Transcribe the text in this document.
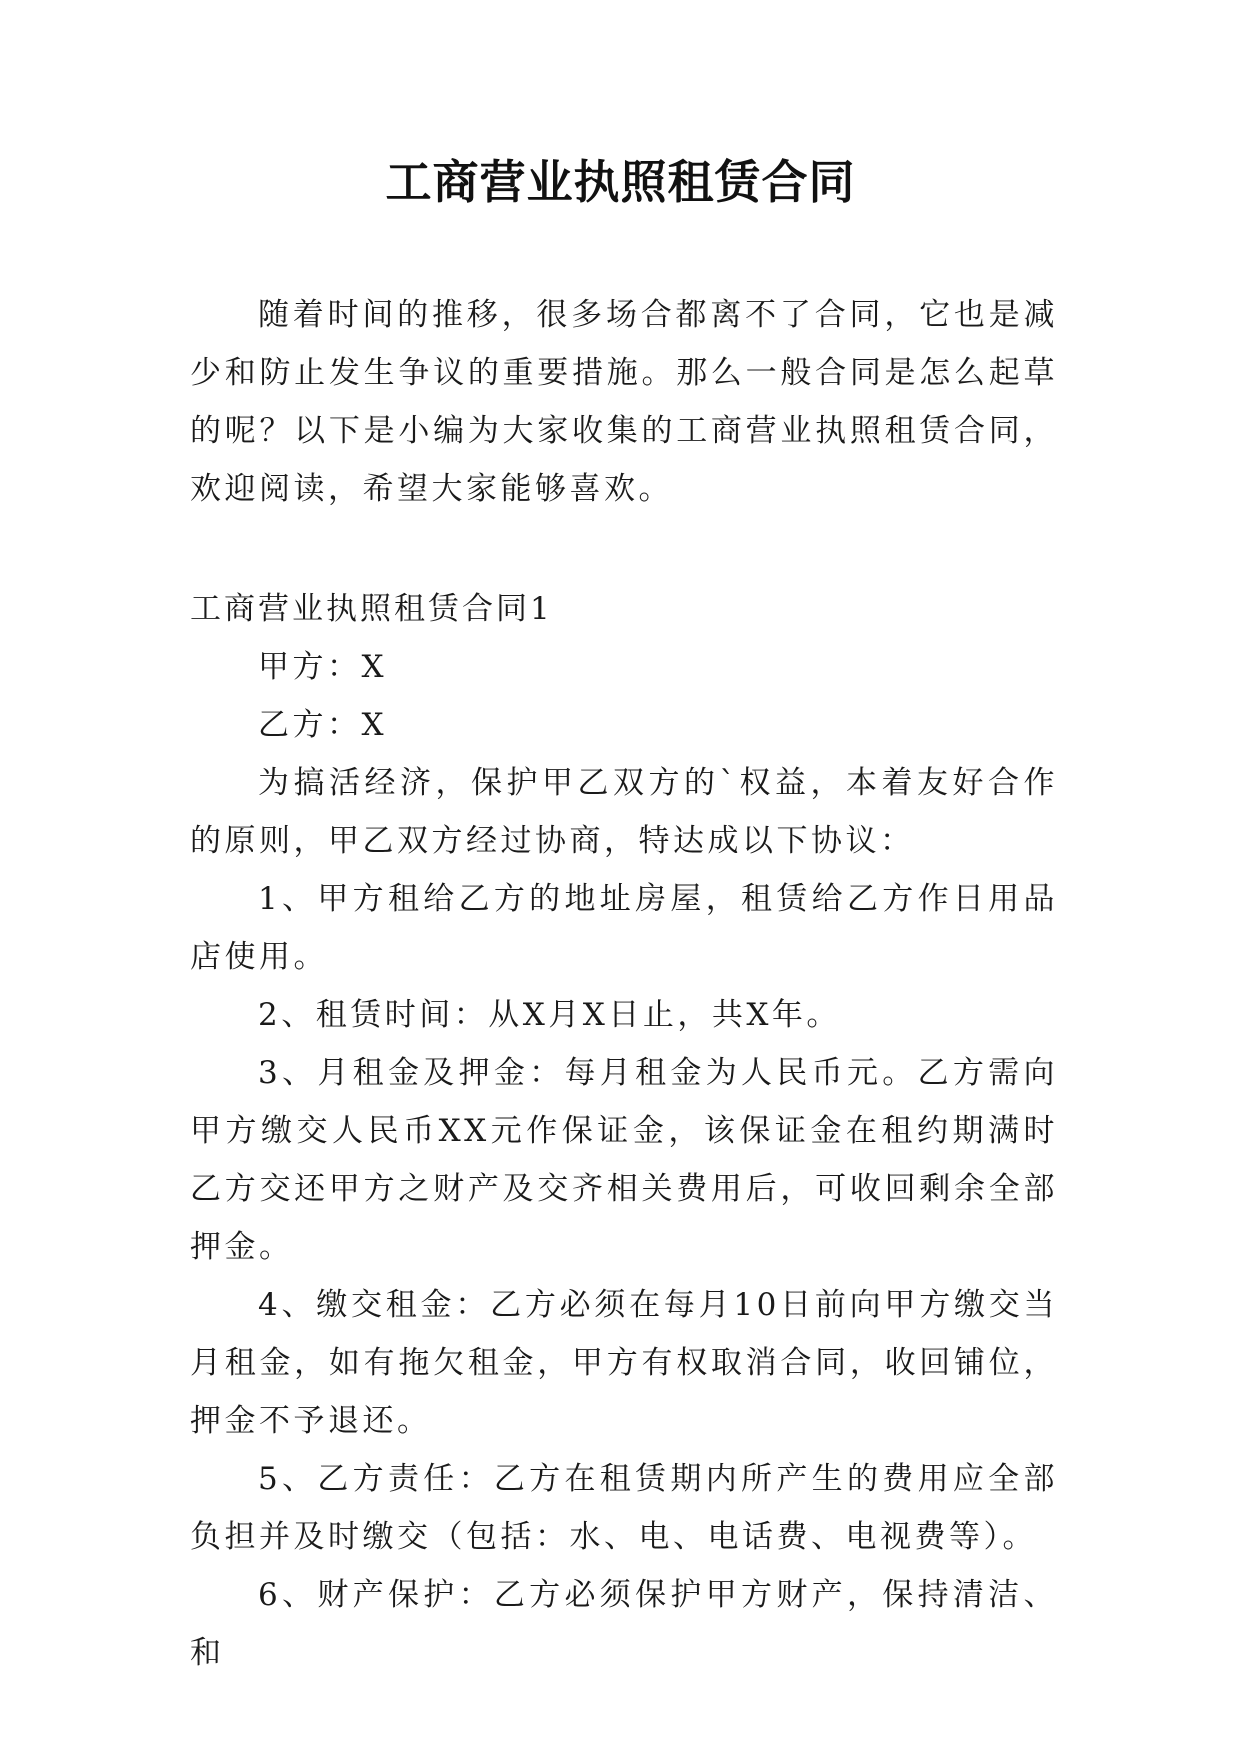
工商营业执照租赁合同

随着时间的推移，很多场合都离不了合同，它也是减少和防止发生争议的重要措施。那么一般合同是怎么起草的呢？以下是小编为大家收集的工商营业执照租赁合同，欢迎阅读，希望大家能够喜欢。

工商营业执照租赁合同1

甲方：X

乙方：X

为搞活经济，保护甲乙双方的`权益，本着友好合作的原则，甲乙双方经过协商，特达成以下协议：

1、甲方租给乙方的地址房屋，租赁给乙方作日用品店使用。

2、租赁时间：从X月X日止，共X年。

3、月租金及押金：每月租金为人民币元。乙方需向甲方缴交人民币XX元作保证金，该保证金在租约期满时乙方交还甲方之财产及交齐相关费用后，可收回剩余全部押金。

4、缴交租金：乙方必须在每月10日前向甲方缴交当月租金，如有拖欠租金，甲方有权取消合同，收回铺位，押金不予退还。

5、乙方责任：乙方在租赁期内所产生的费用应全部负担并及时缴交（包括：水、电、电话费、电视费等）。

6、财产保护：乙方必须保护甲方财产，保持清洁、和
